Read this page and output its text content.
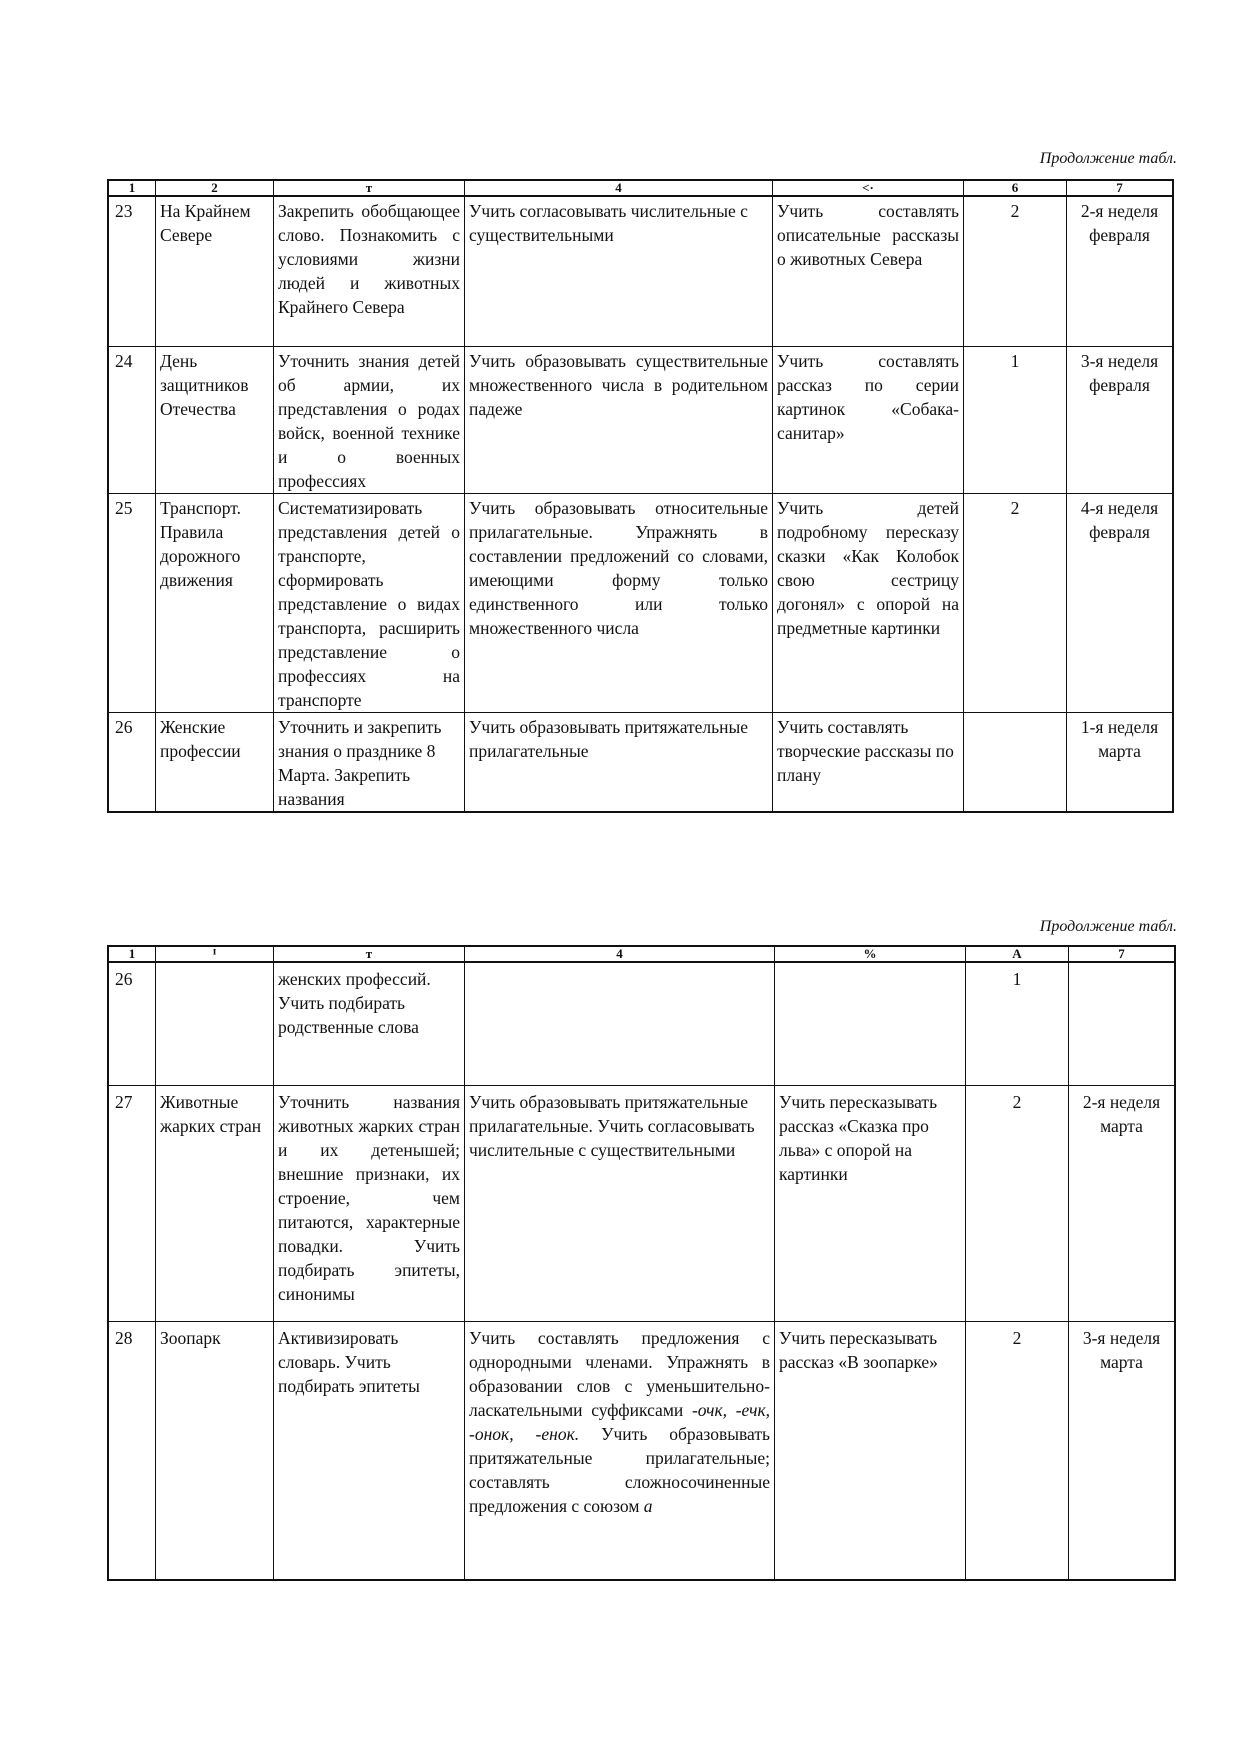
Продолжение табл.
1	2	т	4	<·	6	7
23	На Крайнем Севере	Закрепить обобщающее слово. Познакомить с условиями жизни людей и животных Крайнего Севера	Учить согласовывать числительные с существительными	Учить составлять описательные рассказы о животных Севера	2	2-я неделя февраля
24	День защитников Отечества	Уточнить знания детей об армии, их представления о родах войск, военной технике и о военных профессиях	Учить образовывать существительные множественного числа в родительном падеже	Учить составлять рассказ по серии картинок «Собака-санитар»	1	3-я неделя февраля
25	Транспорт. Правила дорожного движения	Систематизировать представления детей о транспорте, сформировать представление о видах транспорта, расширить представление о профессиях на транспорте	Учить образовывать относительные прилагательные. Упражнять в составлении предложений со словами, имеющими форму только единственного или только множественного числа	Учить детей подробному пересказу сказки «Как Колобок свою сестрицу догонял» с опорой на предметные картинки	2	4-я неделя февраля
26	Женские профессии	Уточнить и закрепить знания о празднике 8 Марта. Закрепить названия	Учить образовывать притяжательные прилагательные	Учить составлять творческие рассказы по плану		1-я неделя марта
Продолжение табл.
1	ᴵ	т	4	%	А	7
26		женских профессий. Учить подбирать родственные слова			1	
27	Животные жарких стран	Уточнить названия животных жарких стран и их детенышей; внешние признаки, их строение, чем питаются, характерные повадки. Учить подбирать эпитеты, синонимы	Учить образовывать притяжательные прилагательные. Учить согласовывать числительные с существительными	Учить пересказывать рассказ «Сказка про льва» с опорой на картинки	2	2-я неделя марта
28	Зоопарк	Активизировать словарь. Учить подбирать эпитеты	Учить составлять предложения с однородными членами. Упражнять в образовании слов с уменьшительно-ласкательными суффиксами -очк, -ечк, -онок, -енок. Учить образовывать притяжательные прилагательные; составлять сложносочиненные предложения с союзом а	Учить пересказывать рассказ «В зоопарке»	2	3-я неделя марта
